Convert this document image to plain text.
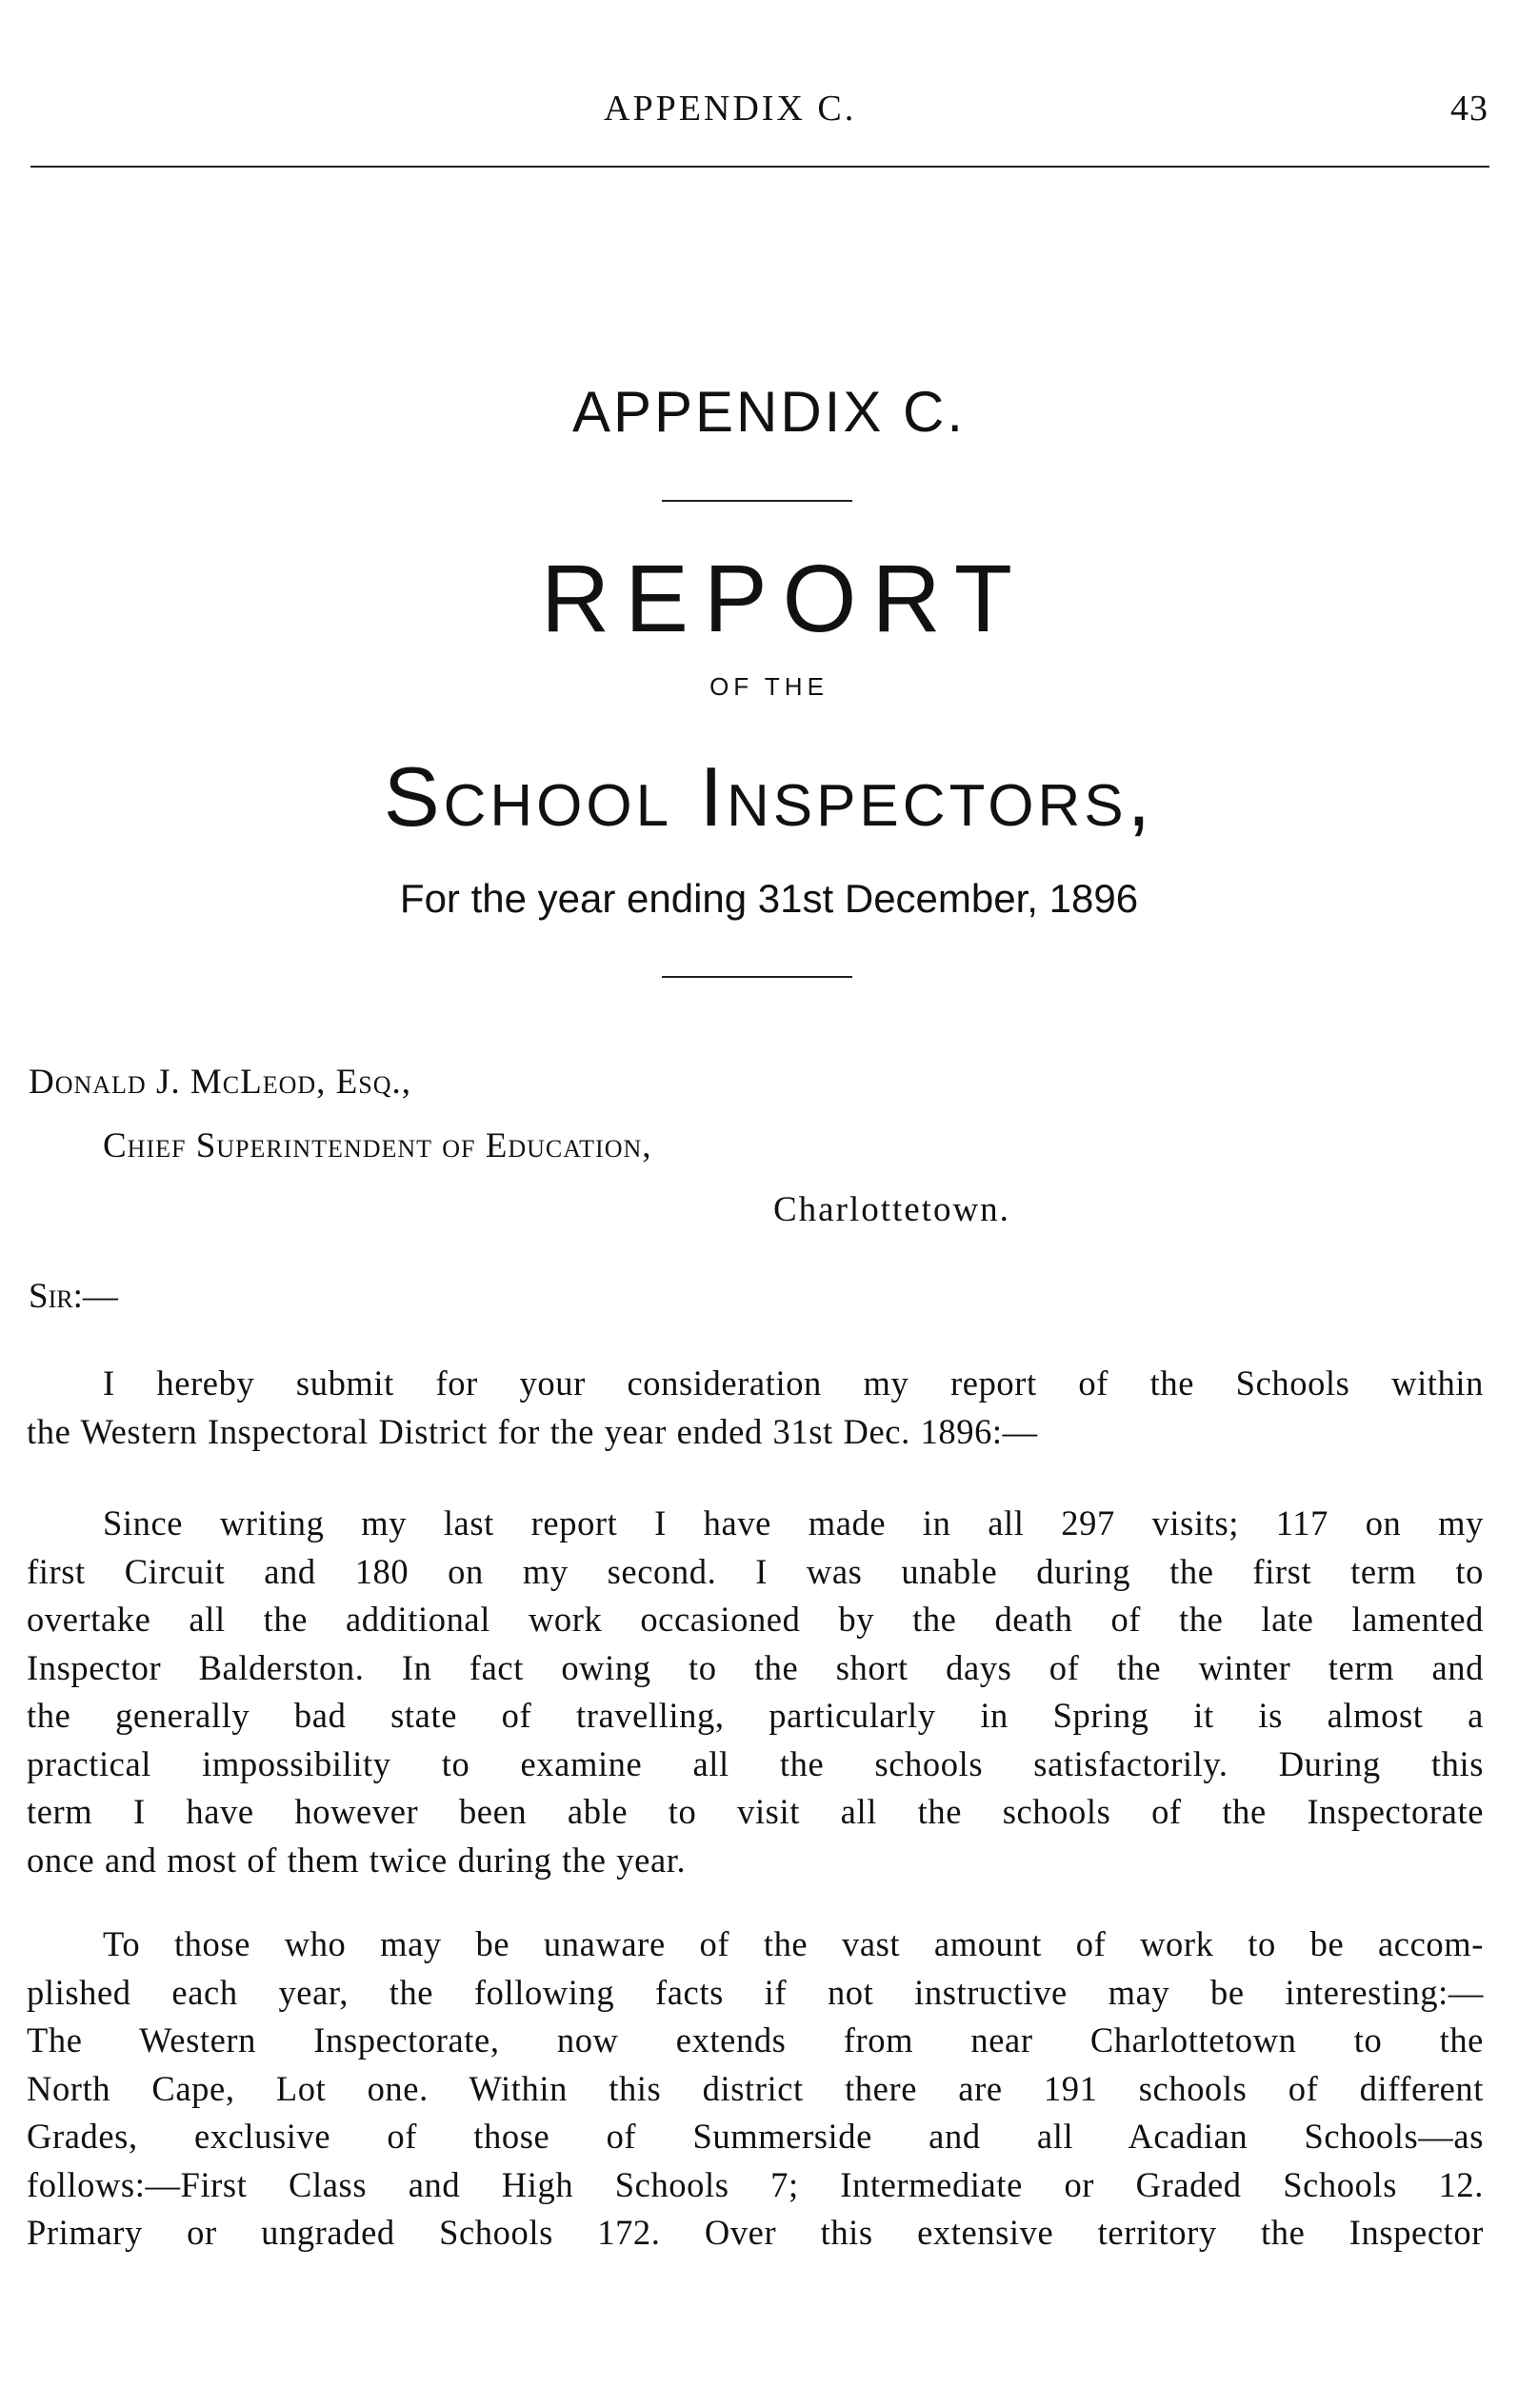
APPENDIX C.	43
APPENDIX C.
REPORT
OF THE
School Inspectors,
For the year ending 31st December, 1896
Donald J. McLeod, Esq.,
Chief Superintendent of Education,
Charlottetown.
Sir:—
I hereby submit for your consideration my report of the Schools within
the Western Inspectoral District for the year ended 31st Dec. 1896:—
Since writing my last report I have made in all 297 visits; 117 on my
first Circuit and 180 on my second. I was unable during the first term to
overtake all the additional work occasioned by the death of the late lamented
Inspector Balderston. In fact owing to the short days of the winter term and
the generally bad state of travelling, particularly in Spring it is almost a
practical impossibility to examine all the schools satisfactorily. During this
term I have however been able to visit all the schools of the Inspectorate
once and most of them twice during the year.
To those who may be unaware of the vast amount of work to be accom-
plished each year, the following facts if not instructive may be interesting:—
The Western Inspectorate, now extends from near Charlottetown to the
North Cape, Lot one. Within this district there are 191 schools of different
Grades, exclusive of those of Summerside and all Acadian Schools—as
follows:—First Class and High Schools 7; Intermediate or Graded Schools 12.
Primary or ungraded Schools 172. Over this extensive territory the Inspector
